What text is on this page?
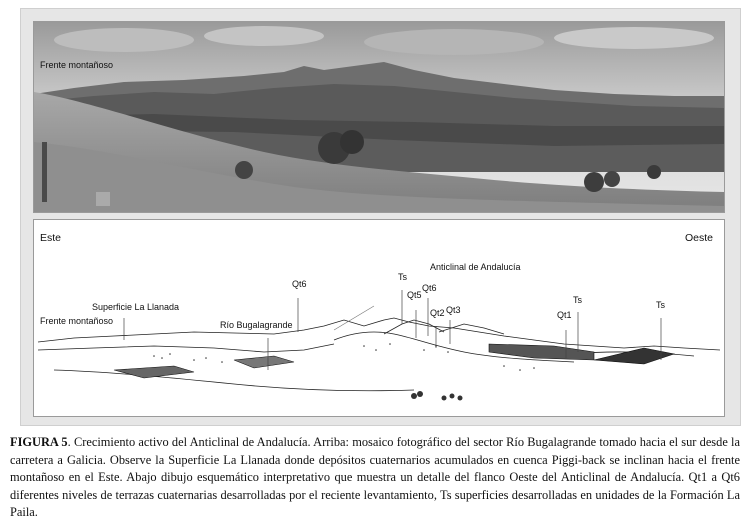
Frente montañoso
Este	Oeste
Frente montañoso
Superficie La Llanada
Río Bugalagrande
Anticlinal de Andalucía
Qt6
Ts
Qt5
Qt6
Qt2 Qt3	Qt1
Ts	Ts
FIGURA 5. Crecimiento activo del Anticlinal de Andalucía. Arriba: mosaico fotográfico del sector Río Bugalagrande tomado hacia el sur desde la carretera a Galicia. Observe la Superficie La Llanada donde depósitos cuaternarios acumulados en cuenca Piggi-back se inclinan hacia el frente montañoso en el Este. Abajo dibujo esquemático interpretativo que muestra un detalle del flanco Oeste del Anticlinal de Andalucía. Qt1 a Qt6 diferentes niveles de terrazas cuaternarias desarrolladas por el reciente levantamiento, Ts superficies desarrolladas en unidades de la Formación La Paila.
